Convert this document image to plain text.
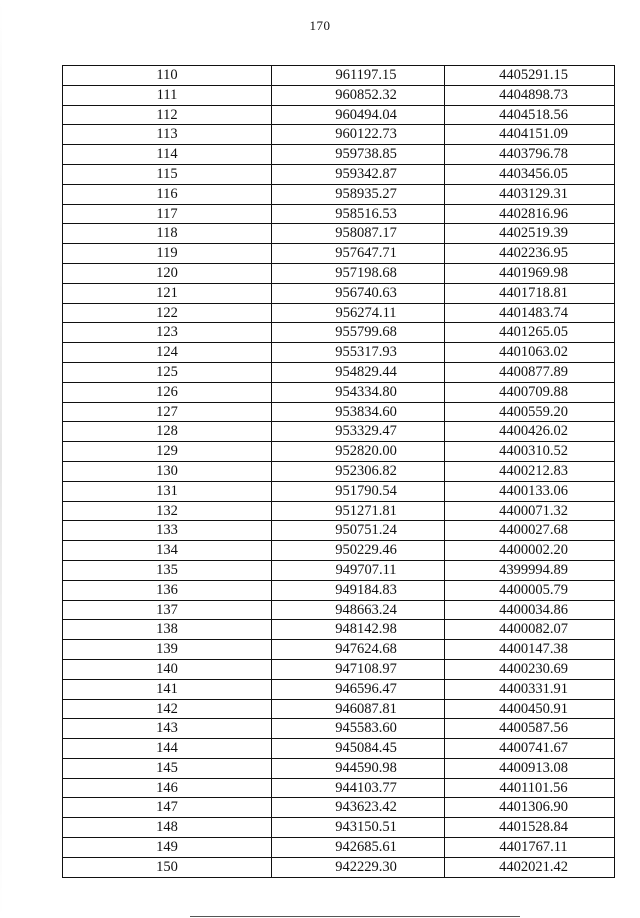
170
110	961197.15	4405291.15
111	960852.32	4404898.73
112	960494.04	4404518.56
113	960122.73	4404151.09
114	959738.85	4403796.78
115	959342.87	4403456.05
116	958935.27	4403129.31
117	958516.53	4402816.96
118	958087.17	4402519.39
119	957647.71	4402236.95
120	957198.68	4401969.98
121	956740.63	4401718.81
122	956274.11	4401483.74
123	955799.68	4401265.05
124	955317.93	4401063.02
125	954829.44	4400877.89
126	954334.80	4400709.88
127	953834.60	4400559.20
128	953329.47	4400426.02
129	952820.00	4400310.52
130	952306.82	4400212.83
131	951790.54	4400133.06
132	951271.81	4400071.32
133	950751.24	4400027.68
134	950229.46	4400002.20
135	949707.11	4399994.89
136	949184.83	4400005.79
137	948663.24	4400034.86
138	948142.98	4400082.07
139	947624.68	4400147.38
140	947108.97	4400230.69
141	946596.47	4400331.91
142	946087.81	4400450.91
143	945583.60	4400587.56
144	945084.45	4400741.67
145	944590.98	4400913.08
146	944103.77	4401101.56
147	943623.42	4401306.90
148	943150.51	4401528.84
149	942685.61	4401767.11
150	942229.30	4402021.42
